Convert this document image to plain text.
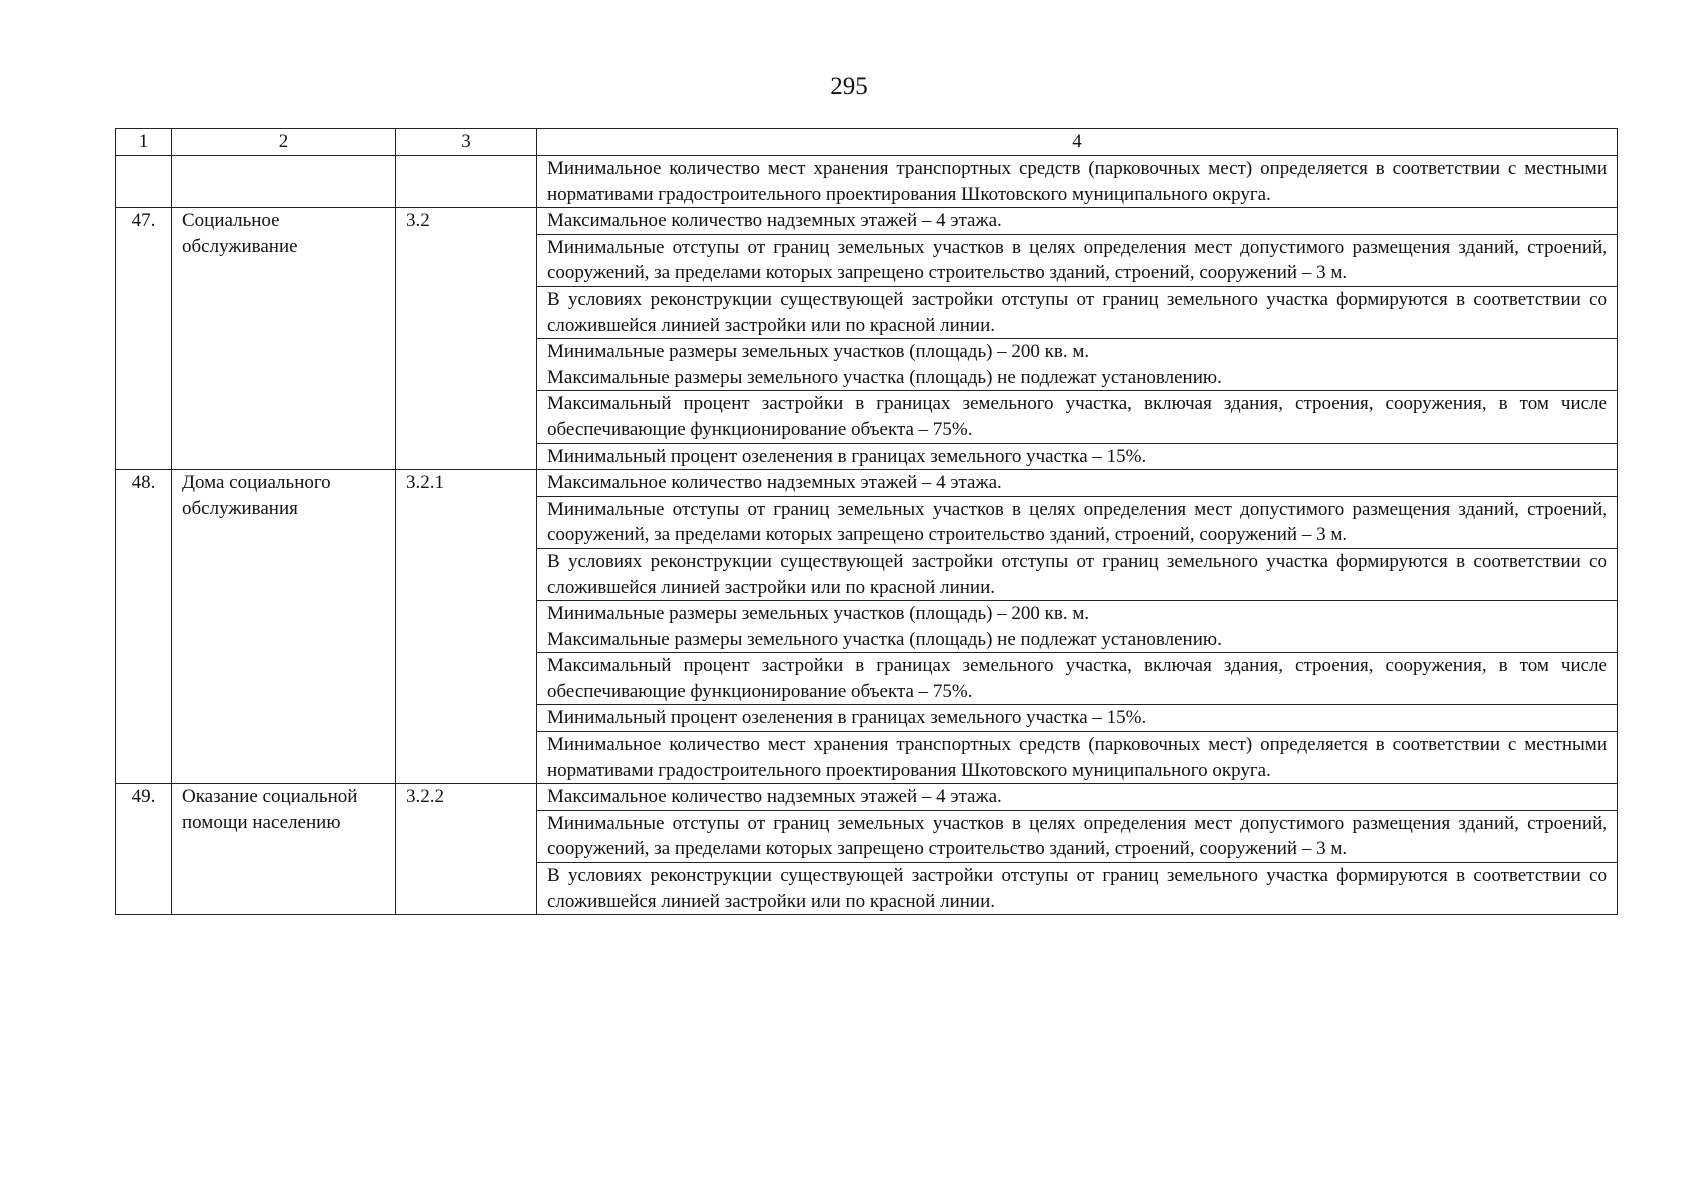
295
1	2	3	4
			Минимальное количество мест хранения транспортных средств (парковочных мест) определяется в соответствии с местными нормативами градостроительного проектирования Шкотовского муниципального округа.
47.	Социальное обслуживание	3.2	Максимальное количество надземных этажей – 4 этажа.
			Минимальные отступы от границ земельных участков в целях определения мест допустимого размещения зданий, строений, сооружений, за пределами которых запрещено строительство зданий, строений, сооружений – 3 м.
			В условиях реконструкции существующей застройки отступы от границ земельного участка формируются в соответствии со сложившейся линией застройки или по красной линии.

			Минимальные размеры земельных участков (площадь) – 200 кв. м.
Максимальные размеры земельного участка (площадь) не подлежат установлению.

			Максимальный процент застройки в границах земельного участка, включая здания, строения, сооружения, в том числе обеспечивающие функционирование объекта – 75%.
			Минимальный процент озеленения в границах земельного участка – 15%.
48.	Дома социального обслуживания	3.2.1	Максимальное количество надземных этажей – 4 этажа.
			Минимальные отступы от границ земельных участков в целях определения мест допустимого размещения зданий, строений, сооружений, за пределами которых запрещено строительство зданий, строений, сооружений – 3 м.
			В условиях реконструкции существующей застройки отступы от границ земельного участка формируются в соответствии со сложившейся линией застройки или по красной линии.

			Минимальные размеры земельных участков (площадь) – 200 кв. м.
Максимальные размеры земельного участка (площадь) не подлежат установлению.

			Максимальный процент застройки в границах земельного участка, включая здания, строения, сооружения, в том числе обеспечивающие функционирование объекта – 75%.
			Минимальный процент озеленения в границах земельного участка – 15%.
			Минимальное количество мест хранения транспортных средств (парковочных мест) определяется в соответствии с местными нормативами градостроительного проектирования Шкотовского муниципального округа.
49.	Оказание социальной помощи населению	3.2.2	Максимальное количество надземных этажей – 4 этажа.
			Минимальные отступы от границ земельных участков в целях определения мест допустимого размещения зданий, строений, сооружений, за пределами которых запрещено строительство зданий, строений, сооружений – 3 м.
			В условиях реконструкции существующей застройки отступы от границ земельного участка формируются в соответствии со сложившейся линией застройки или по красной линии.
